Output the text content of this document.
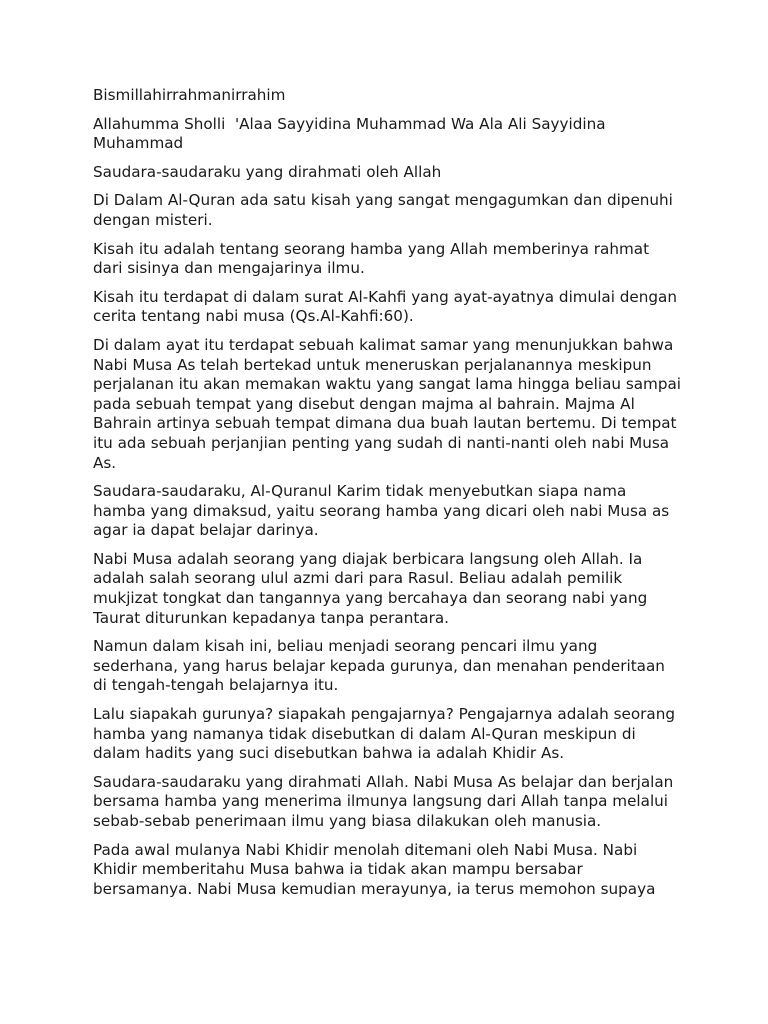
Bismillahirrahmanirrahim

Allahumma Sholli  'Alaa Sayyidina Muhammad Wa Ala Ali Sayyidina Muhammad

Saudara-saudaraku yang dirahmati oleh Allah

Di Dalam Al-Quran ada satu kisah yang sangat mengagumkan dan dipenuhi dengan misteri.

Kisah itu adalah tentang seorang hamba yang Allah memberinya rahmat dari sisinya dan mengajarinya ilmu.

Kisah itu terdapat di dalam surat Al-Kahfi yang ayat-ayatnya dimulai dengan cerita tentang nabi musa (Qs.Al-Kahfi:60).

Di dalam ayat itu terdapat sebuah kalimat samar yang menunjukkan bahwa Nabi Musa As telah bertekad untuk meneruskan perjalanannya meskipun perjalanan itu akan memakan waktu yang sangat lama hingga beliau sampai pada sebuah tempat yang disebut dengan majma al bahrain. Majma Al Bahrain artinya sebuah tempat dimana dua buah lautan bertemu. Di tempat itu ada sebuah perjanjian penting yang sudah di nanti-nanti oleh nabi Musa As.

Saudara-saudaraku, Al-Quranul Karim tidak menyebutkan siapa nama hamba yang dimaksud, yaitu seorang hamba yang dicari oleh nabi Musa as agar ia dapat belajar darinya.

Nabi Musa adalah seorang yang diajak berbicara langsung oleh Allah. Ia adalah salah seorang ulul azmi dari para Rasul. Beliau adalah pemilik mukjizat tongkat dan tangannya yang bercahaya dan seorang nabi yang Taurat diturunkan kepadanya tanpa perantara.

Namun dalam kisah ini, beliau menjadi seorang pencari ilmu yang sederhana, yang harus belajar kepada gurunya, dan menahan penderitaan di tengah-tengah belajarnya itu.

Lalu siapakah gurunya? siapakah pengajarnya? Pengajarnya adalah seorang hamba yang namanya tidak disebutkan di dalam Al-Quran meskipun di dalam hadits yang suci disebutkan bahwa ia adalah Khidir As.

Saudara-saudaraku yang dirahmati Allah. Nabi Musa As belajar dan berjalan bersama hamba yang menerima ilmunya langsung dari Allah tanpa melalui sebab-sebab penerimaan ilmu yang biasa dilakukan oleh manusia.

Pada awal mulanya Nabi Khidir menolah ditemani oleh Nabi Musa. Nabi Khidir memberitahu Musa bahwa ia tidak akan mampu bersabar bersamanya. Nabi Musa kemudian merayunya, ia terus memohon supaya
